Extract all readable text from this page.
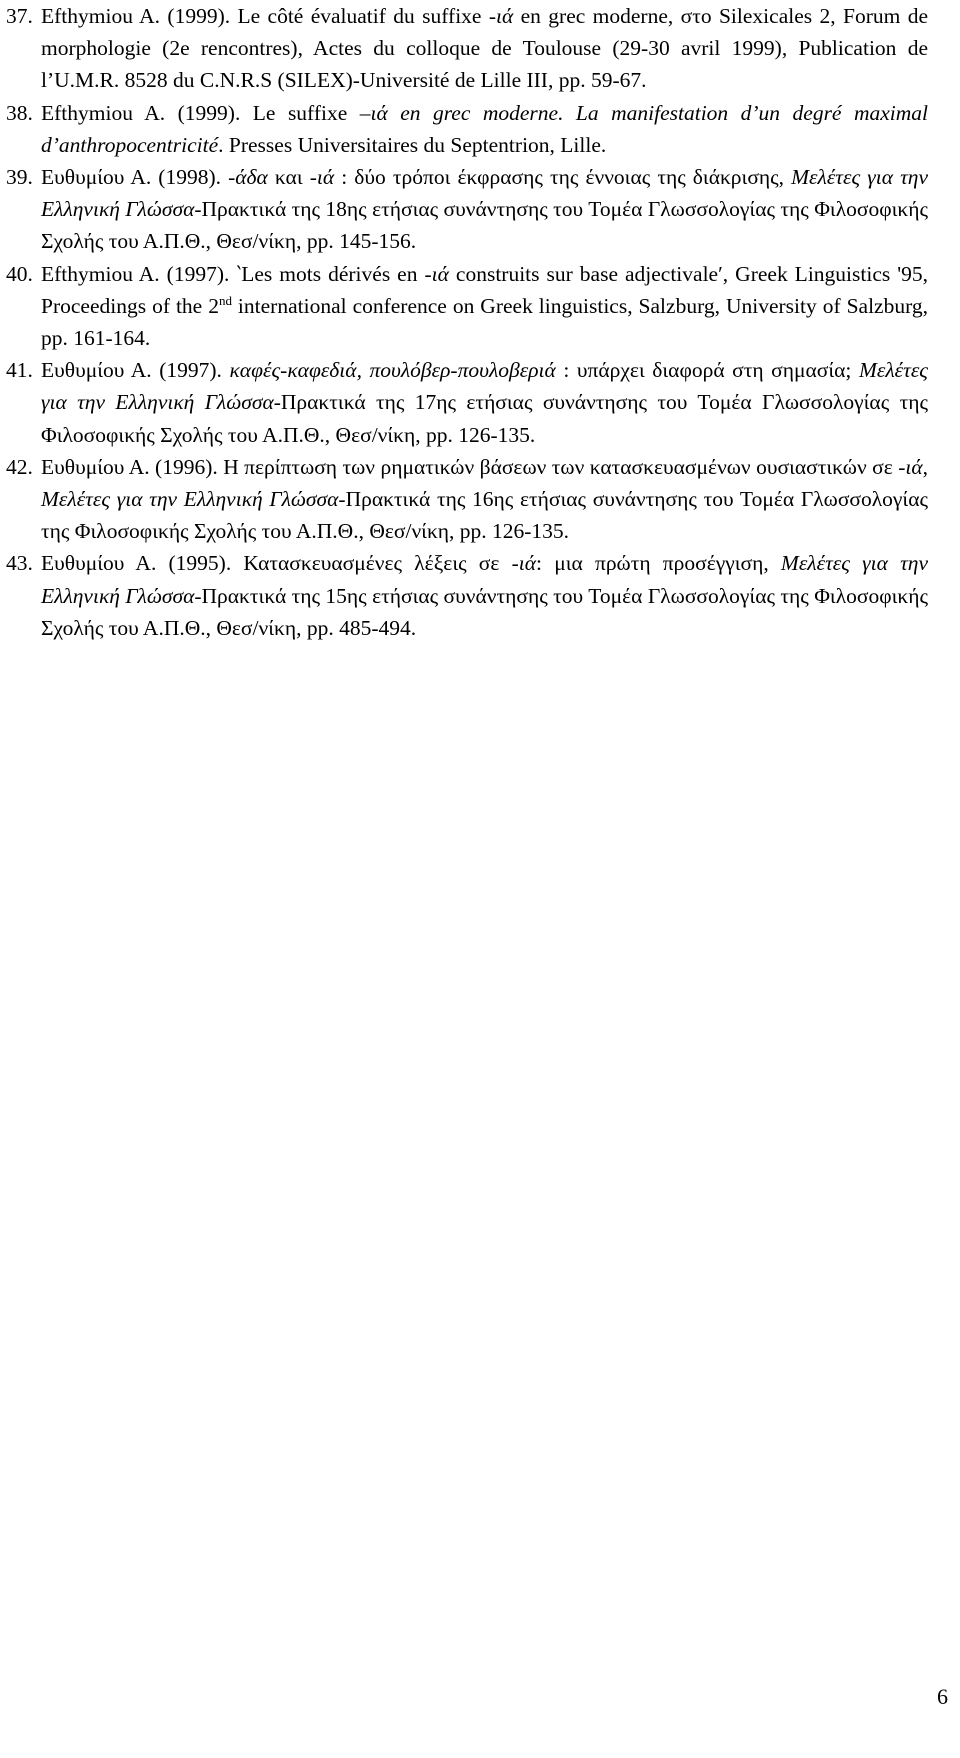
37. Efthymiou A. (1999). Le côté évaluatif du suffixe -ιά en grec moderne, στο Silexicales 2, Forum de morphologie (2e rencontres), Actes du colloque de Toulouse (29-30 avril 1999), Publication de l’U.M.R. 8528 du C.N.R.S (SILEX)-Université de Lille III, pp. 59-67.
38. Efthymiou A. (1999). Le suffixe –ιά en grec moderne. La manifestation d’un degré maximal d’anthropocentricité. Presses Universitaires du Septentrion, Lille.
39. Ευθυμίου Α. (1998). -άδα και -ιά : δύο τρόποι έκφρασης της έννοιας της διάκρισης, Μελέτες για την Ελληνική Γλώσσα-Πρακτικά της 18ης ετήσιας συνάντησης του Τομέα Γλωσσολογίας της Φιλοσοφικής Σχολής του Α.Π.Θ., Θεσ/νίκη, pp. 145-156.
40. Efthymiou A. (1997). ‵Les mots dérivés en -ιά construits sur base adjectivale′, Greek Linguistics '95, Proceedings of the 2nd international conference on Greek linguistics, Salzburg, University of Salzburg, pp. 161-164.
41. Ευθυμίου Α. (1997). καφές-καφεδιά, πουλόβερ-πουλοβεριά : υπάρχει διαφορά στη σημασία; Μελέτες για την Ελληνική Γλώσσα-Πρακτικά της 17ης ετήσιας συνάντησης του Τομέα Γλωσσολογίας της Φιλοσοφικής Σχολής του Α.Π.Θ., Θεσ/νίκη, pp. 126-135.
42. Ευθυμίου Α. (1996). Η περίπτωση των ρηματικών βάσεων των κατασκευασμένων ουσιαστικών σε -ιά, Μελέτες για την Ελληνική Γλώσσα-Πρακτικά της 16ης ετήσιας συνάντησης του Τομέα Γλωσσολογίας της Φιλοσοφικής Σχολής του Α.Π.Θ., Θεσ/νίκη, pp. 126-135.
43. Ευθυμίου Α. (1995). Κατασκευασμένες λέξεις σε -ιά: μια πρώτη προσέγγιση, Μελέτες για την Ελληνική Γλώσσα-Πρακτικά της 15ης ετήσιας συνάντησης του Τομέα Γλωσσολογίας της Φιλοσοφικής Σχολής του Α.Π.Θ., Θεσ/νίκη, pp. 485-494.
6
